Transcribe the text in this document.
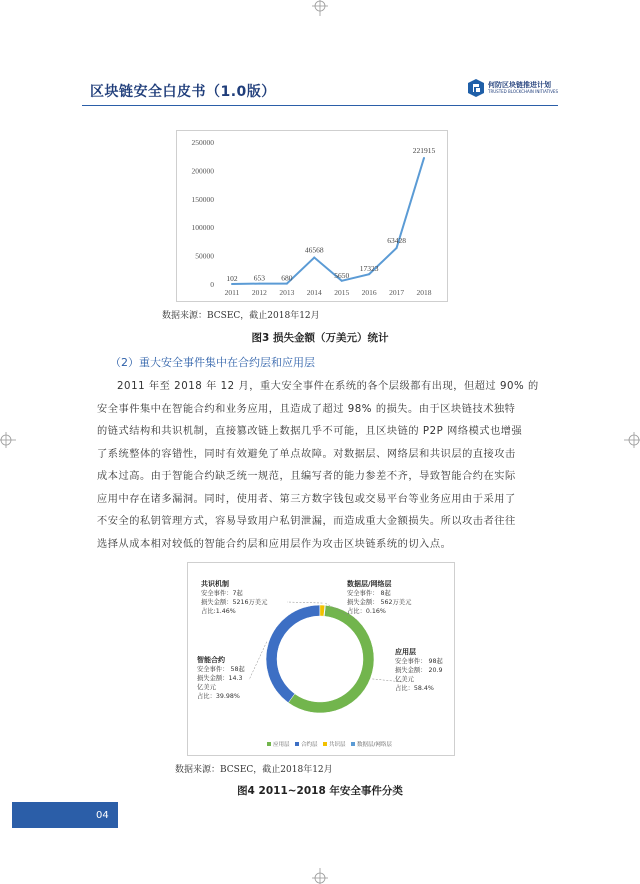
区块链安全白皮书（1.0版）	何防区块链推进计划
TRUSTED BLOCKCHAIN INITIATIVES
0
50000
100000
150000
200000
250000
2011 2012 2013 2014 2015 2016 2017 2018
102 653 680
46568
5650
17323
63428
221915
数据来源：BCSEC，截止2018年12月
图3 损失金额（万美元）统计
（2）重大安全事件集中在合约层和应用层
2011 年至 2018 年 12 月，重大安全事件在系统的各个层级都有出现，但超过 90% 的
安全事件集中在智能合约和业务应用，且造成了超过 98% 的损失。由于区块链技术独特
的链式结构和共识机制，直接篡改链上数据几乎不可能，且区块链的 P2P 网络模式也增强
了系统整体的容错性，同时有效避免了单点故障。对数据层、网络层和共识层的直接攻击
成本过高。由于智能合约缺乏统一规范，且编写者的能力参差不齐，导致智能合约在实际
应用中存在诸多漏洞。同时，使用者、第三方数字钱包或交易平台等业务应用由于采用了
不安全的私钥管理方式，容易导致用户私钥泄漏，而造成重大金额损失。所以攻击者往往
选择从成本相对较低的智能合约层和应用层作为攻击区块链系统的切入点。
应用层
安全事件： 98起
损失金额： 20.9
亿美元
占比：58.4%
智能合约
安全事件： 58起
损失金额：14.3
亿美元
占比：39.98%
共识机制
安全事件：7起
损失金额：5216万美元
占比:1.46%
数据层/网络层
安全事件： 8起
损失金额： 562万美元
占比：0.16%
应用层 合约层 共识层 数据层/网络层
数据来源：BCSEC，截止2018年12月
图4 2011~2018 年安全事件分类
04
